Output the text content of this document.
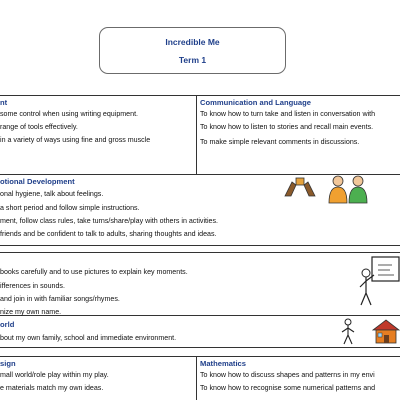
Incredible Me
Term 1
nt
some control when using writing equipment.
range of tools effectively.
in a variety of ways using fine and gross muscle
Communication and Language
To know how to turn take and listen in conversation with
To know how to listen to stories and recall main events.
To make simple relevant comments in discussions.
otional Development
onal hygiene, talk about feelings.
a short period and follow simple instructions.
ment, follow class rules, take turns/share/play with others in activities.
friends and be confident to talk to adults, sharing thoughts and ideas.
books carefully and to use pictures to explain key moments.
ifferences in sounds.
and join in with familiar songs/rhymes.
nize my own name.
orld
bout my own family, school and immediate environment.
sign
mall world/role play within my play.
e materials match my own ideas.
Mathematics
To know how to discuss shapes and patterns in my envi
To know how to recognise some numerical patterns and
